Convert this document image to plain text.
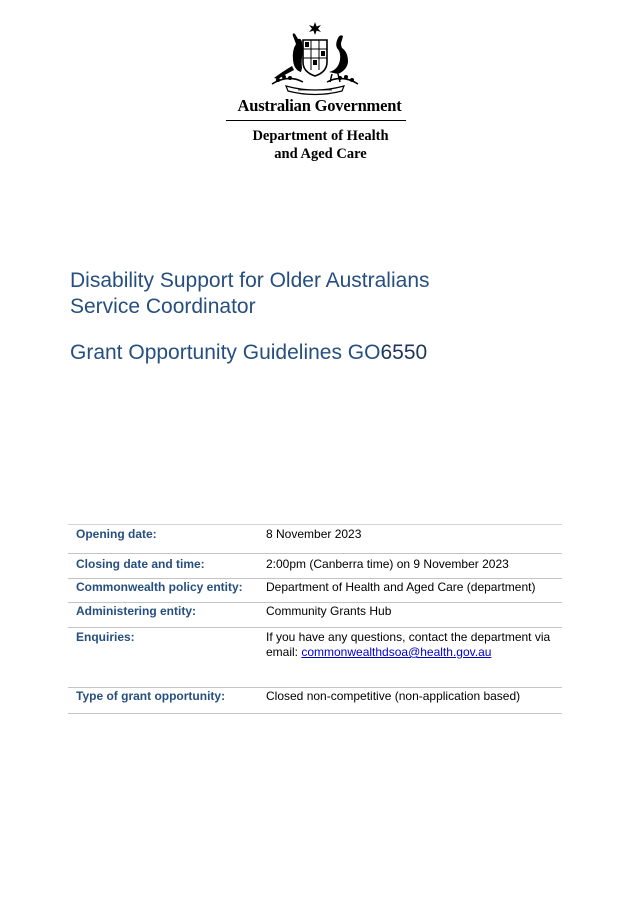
Australian Government
Department of Health
and Aged Care
Disability Support for Older Australians
Service Coordinator
Grant Opportunity Guidelines GO6550
Opening date:	8 November 2023
Closing date and time:	2:00pm (Canberra time) on 9 November 2023
Commonwealth policy entity:	Department of Health and Aged Care (department)
Administering entity:	Community Grants Hub
Enquiries:	If you have any questions, contact the department via
email: commonwealthdsoa@health.gov.au
Type of grant opportunity:	Closed non-competitive (non-application based)
